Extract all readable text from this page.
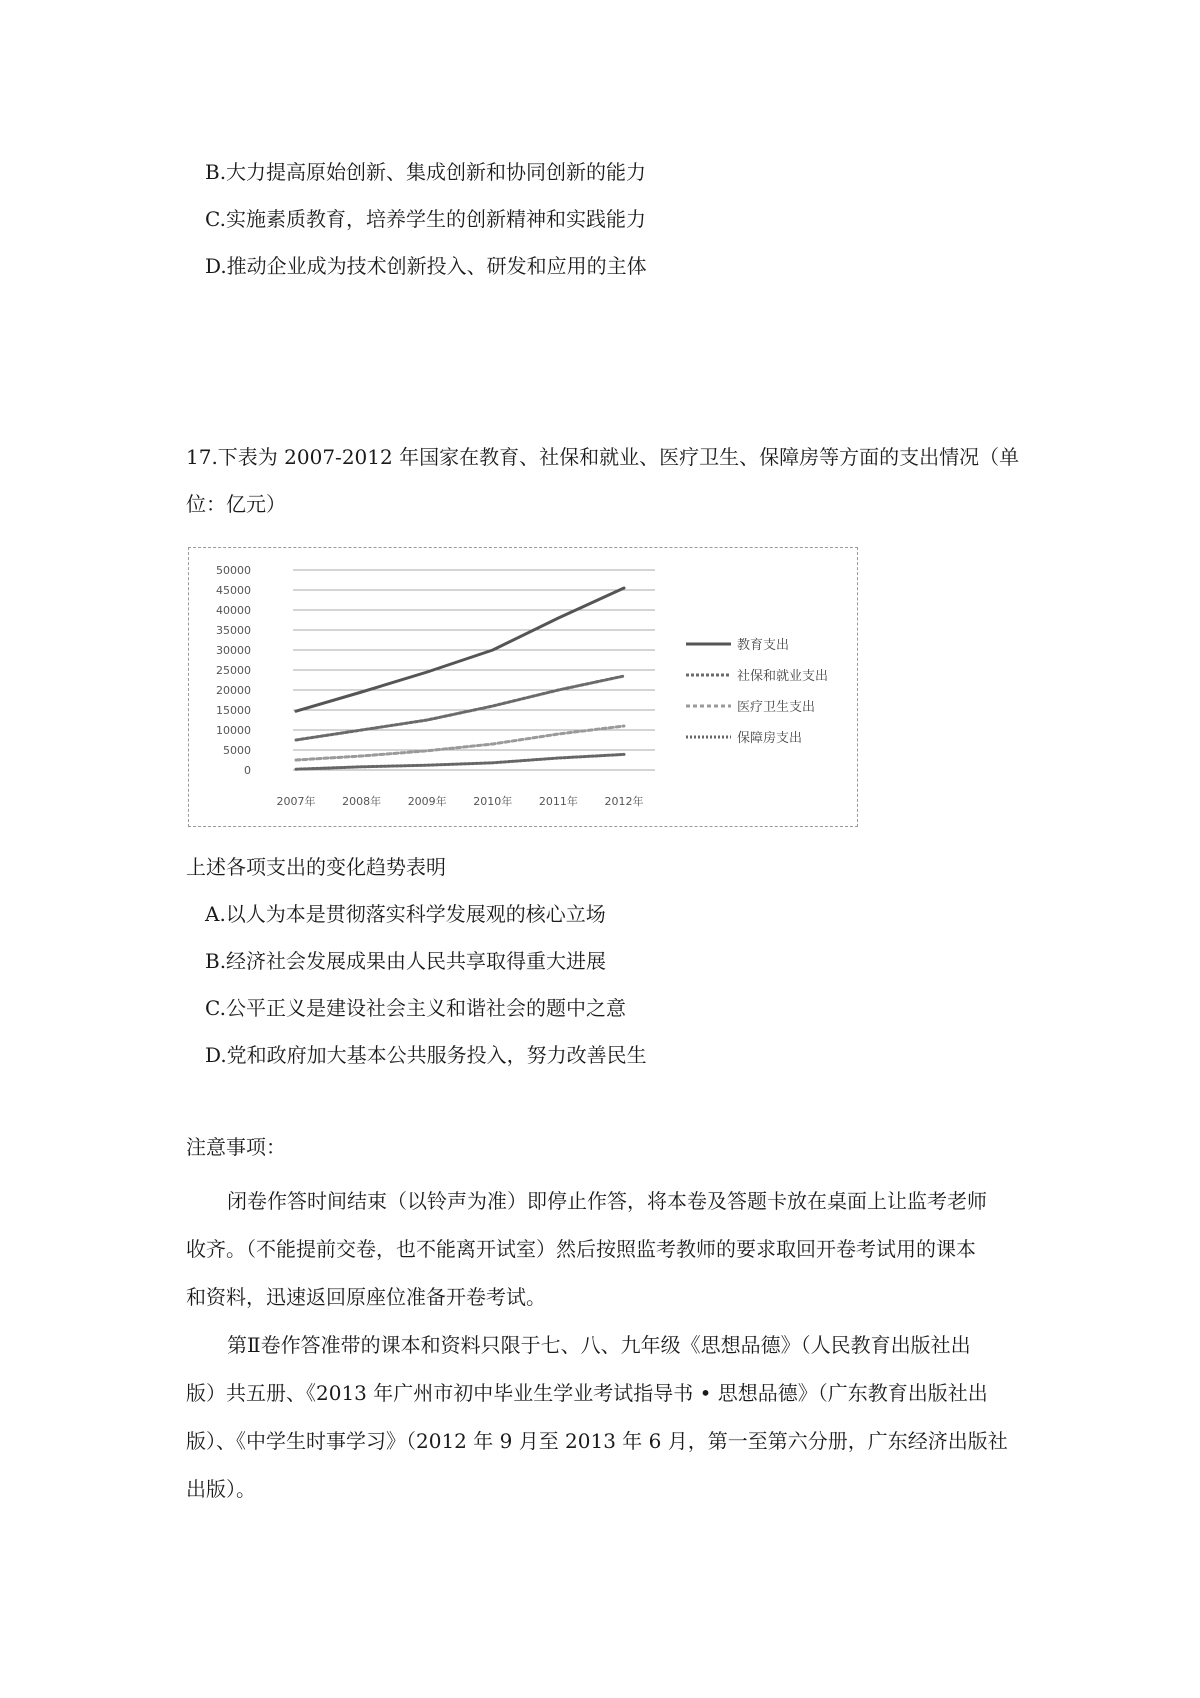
B.大力提高原始创新、集成创新和协同创新的能力
C.实施素质教育，培养学生的创新精神和实践能力
D.推动企业成为技术创新投入、研发和应用的主体
17.下表为 2007-2012 年国家在教育、社保和就业、医疗卫生、保障房等方面的支出情况（单
位：亿元）
0
5000
10000
15000
20000
25000
30000
35000
40000
45000
50000
2007年 2008年 2009年 2010年 2011年 2012年
教育支出
社保和就业支出
医疗卫生支出
保障房支出
上述各项支出的变化趋势表明
A.以人为本是贯彻落实科学发展观的核心立场
B.经济社会发展成果由人民共享取得重大进展
C.公平正义是建设社会主义和谐社会的题中之意
D.党和政府加大基本公共服务投入，努力改善民生
注意事项：
闭卷作答时间结束（以铃声为准）即停止作答，将本卷及答题卡放在桌面上让监考老师
收齐。（不能提前交卷，也不能离开试室）然后按照监考教师的要求取回开卷考试用的课本
和资料，迅速返回原座位准备开卷考试。
第Ⅱ卷作答准带的课本和资料只限于七、八、九年级《思想品德》（人民教育出版社出
版）共五册、《2013 年广州市初中毕业生学业考试指导书 • 思想品德》（广东教育出版社出
版）、《中学生时事学习》（2012 年 9 月至 2013 年 6 月，第一至第六分册，广东经济出版社
出版）。
